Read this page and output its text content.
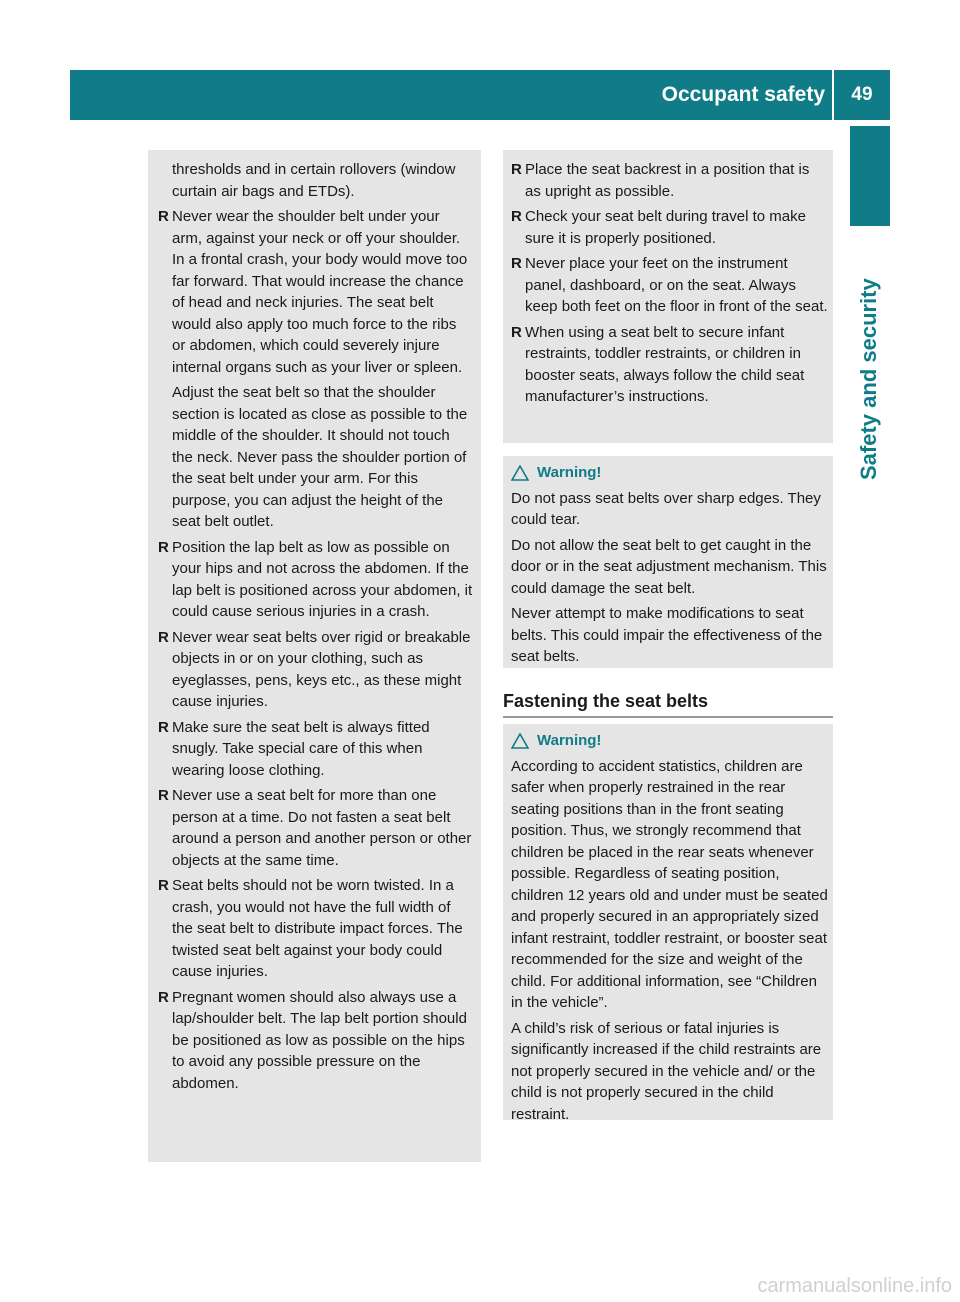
Occupant safety	49
Safety and security
thresholds and in certain rollovers (window curtain air bags and ETDs).
R Never wear the shoulder belt under your arm, against your neck or off your shoulder. In a frontal crash, your body would move too far forward. That would increase the chance of head and neck injuries. The seat belt would also apply too much force to the ribs or abdomen, which could severely injure internal organs such as your liver or spleen.
Adjust the seat belt so that the shoulder section is located as close as possible to the middle of the shoulder. It should not touch the neck. Never pass the shoulder portion of the seat belt under your arm. For this purpose, you can adjust the height of the seat belt outlet.
R Position the lap belt as low as possible on your hips and not across the abdomen. If the lap belt is positioned across your abdomen, it could cause serious injuries in a crash.
R Never wear seat belts over rigid or breakable objects in or on your clothing, such as eyeglasses, pens, keys etc., as these might cause injuries.
R Make sure the seat belt is always fitted snugly. Take special care of this when wearing loose clothing.
R Never use a seat belt for more than one person at a time. Do not fasten a seat belt around a person and another person or other objects at the same time.
R Seat belts should not be worn twisted. In a crash, you would not have the full width of the seat belt to distribute impact forces. The twisted seat belt against your body could cause injuries.
R Pregnant women should also always use a lap/shoulder belt. The lap belt portion should be positioned as low as possible on the hips to avoid any possible pressure on the abdomen.
R Place the seat backrest in a position that is as upright as possible.
R Check your seat belt during travel to make sure it is properly positioned.
R Never place your feet on the instrument panel, dashboard, or on the seat. Always keep both feet on the floor in front of the seat.
R When using a seat belt to secure infant restraints, toddler restraints, or children in booster seats, always follow the child seat manufacturer’s instructions.
Warning!
Do not pass seat belts over sharp edges. They could tear.
Do not allow the seat belt to get caught in the door or in the seat adjustment mechanism. This could damage the seat belt.
Never attempt to make modifications to seat belts. This could impair the effectiveness of the seat belts.
Fastening the seat belts
Warning!
According to accident statistics, children are safer when properly restrained in the rear seating positions than in the front seating position. Thus, we strongly recommend that children be placed in the rear seats whenever possible. Regardless of seating position, children 12 years old and under must be seated and properly secured in an appropriately sized infant restraint, toddler restraint, or booster seat recommended for the size and weight of the child. For additional information, see “Children in the vehicle”.
A child’s risk of serious or fatal injuries is significantly increased if the child restraints are not properly secured in the vehicle and/ or the child is not properly secured in the child restraint.
carmanualsonline.info
